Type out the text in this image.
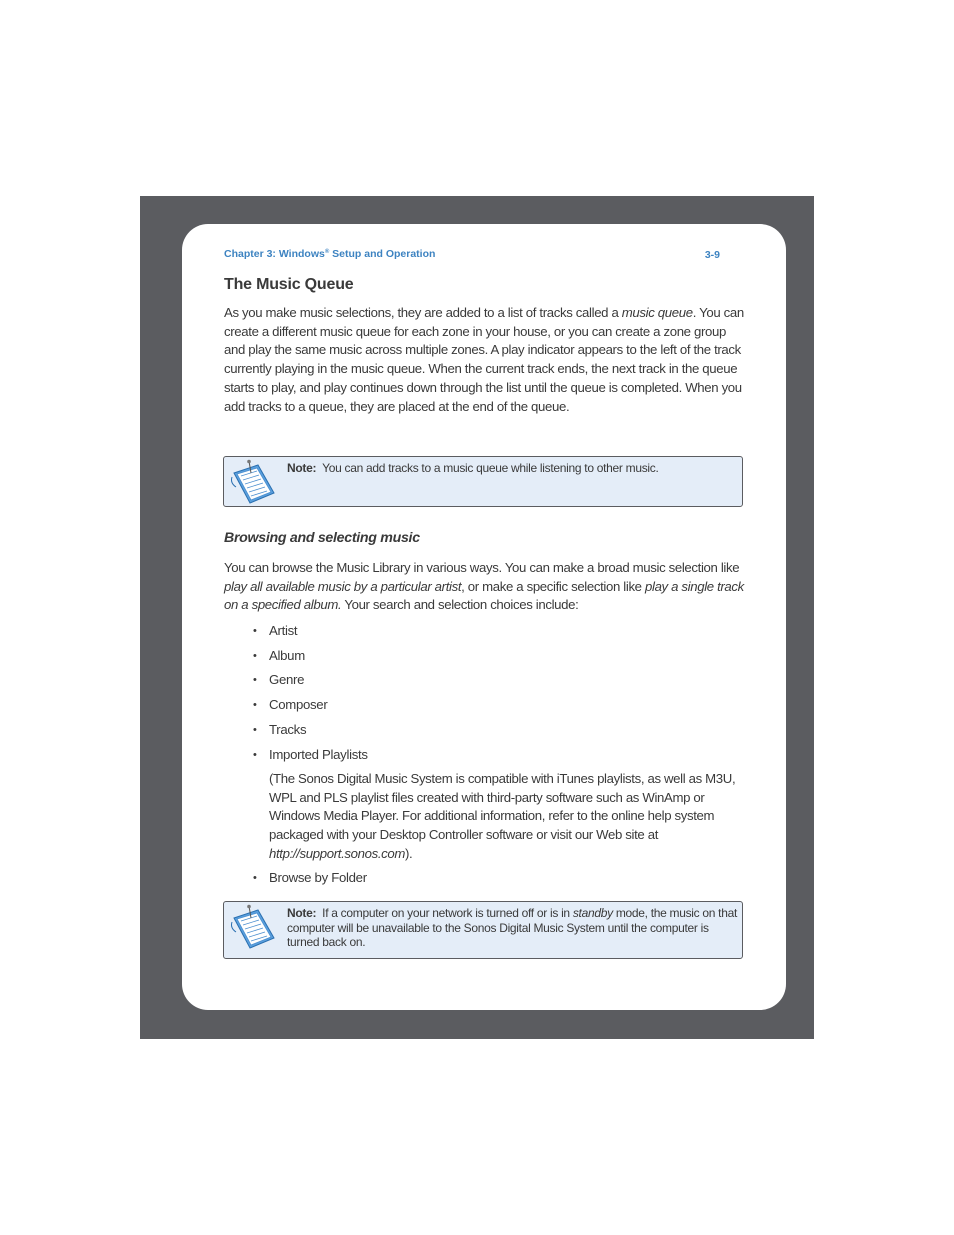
Chapter 3: Windows® Setup and Operation	3-9
The Music Queue

As you make music selections, they are added to a list of tracks called a music queue. You can create a different music queue for each zone in your house, or you can create a zone group and play the same music across multiple zones. A play indicator appears to the left of the track currently playing in the music queue. When the current track ends, the next track in the queue starts to play, and play continues down through the list until the queue is completed. When you add tracks to a queue, they are placed at the end of the queue.

Note: You can add tracks to a music queue while listening to other music.
Browsing and selecting music

You can browse the Music Library in various ways. You can make a broad music selection like play all available music by a particular artist, or make a specific selection like play a single track on a specified album. Your search and selection choices include:

• Artist
• Album
• Genre
• Composer
• Tracks
• Imported Playlists
• Browse by Folder

(The Sonos Digital Music System is compatible with iTunes playlists, as well as M3U, WPL and PLS playlist files created with third-party software such as WinAmp or Windows Media Player. For additional information, refer to the online help system packaged with your Desktop Controller software or visit our Web site at http://support.sonos.com).

Note: If a computer on your network is turned off or is in standby mode, the music on that computer will be unavailable to the Sonos Digital Music System until the computer is turned back on.
